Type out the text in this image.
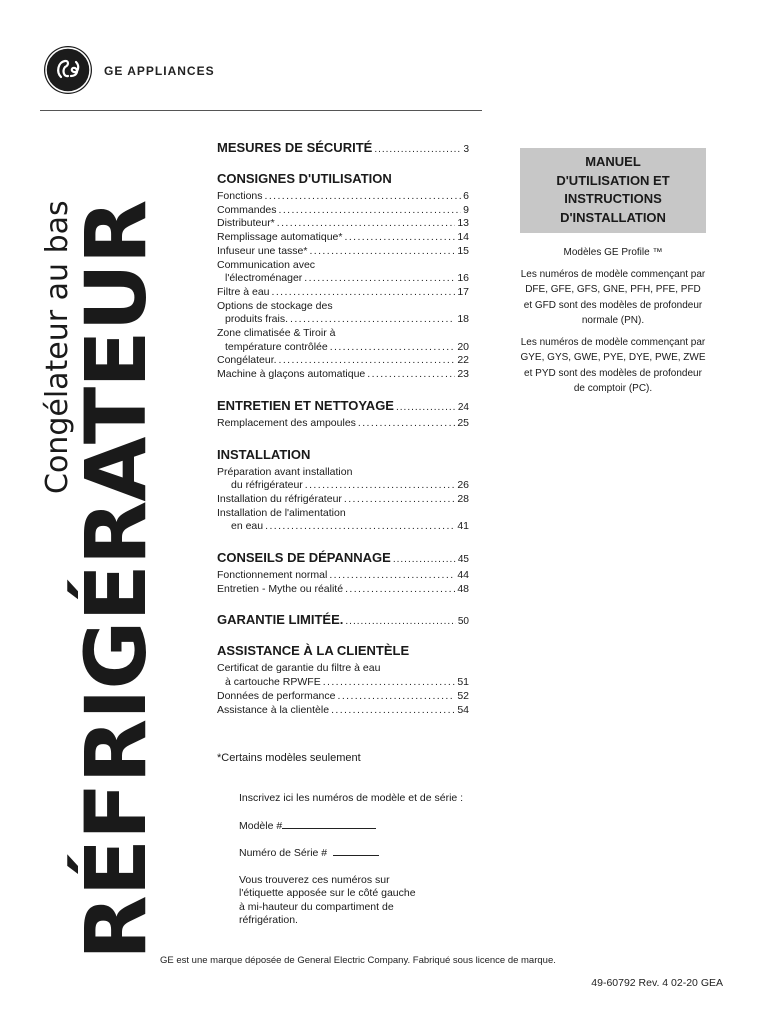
GE APPLIANCES
RÉFRIGÉRATEUR
Congélateur au bas
MESURES DE SÉCURITÉ .....	3
CONSIGNES D'UTILISATION
Fonctions .....	6
Commandes .....	9
Distributeur* .....	13
Remplissage automatique* .....	14
Infuseur une tasse* .....	15
Communication avec
l'électroménager .....	16
Filtre à eau .....	17
Options de stockage des
produits frais. .....	18
Zone climatisée & Tiroir à
température contrôlée .....	20
Congélateur. .....	22
Machine à glaçons automatique .....	23
ENTRETIEN ET NETTOYAGE .....	24
Remplacement des ampoules .....	25
INSTALLATION
Préparation avant installation
du réfrigérateur .....	26
Installation du réfrigérateur .....	28
Installation de l'alimentation
en eau .....	41
CONSEILS DE DÉPANNAGE .....	45
Fonctionnement normal .....	44
Entretien - Mythe ou réalité .....	48
GARANTIE LIMITÉE. .....	50
ASSISTANCE À LA CLIENTÈLE
Certificat de garantie du filtre à eau
à cartouche RPWFE .....	51
Données de performance .....	52
Assistance à la clientèle .....	54
MANUEL
D'UTILISATION ET
INSTRUCTIONS
D'INSTALLATION

Modèles GE Profile ™

Les numéros de modèle commençant par DFE, GFE, GFS, GNE, PFH, PFE, PFD et GFD sont des modèles de profondeur normale (PN).

Les numéros de modèle commençant par GYE, GYS, GWE, PYE, DYE, PWE, ZWE et PYD sont des modèles de profondeur de comptoir (PC).

*Certains modèles seulement

Inscrivez ici les numéros de modèle et de série :

Modèle #

Numéro de Série #

Vous trouverez ces numéros sur l'étiquette apposée sur le côté gauche à mi-hauteur du compartiment de réfrigération.

GE est une marque déposée de General Electric Company. Fabriqué sous licence de marque.
49-60792 Rev. 4 02-20 GEA
